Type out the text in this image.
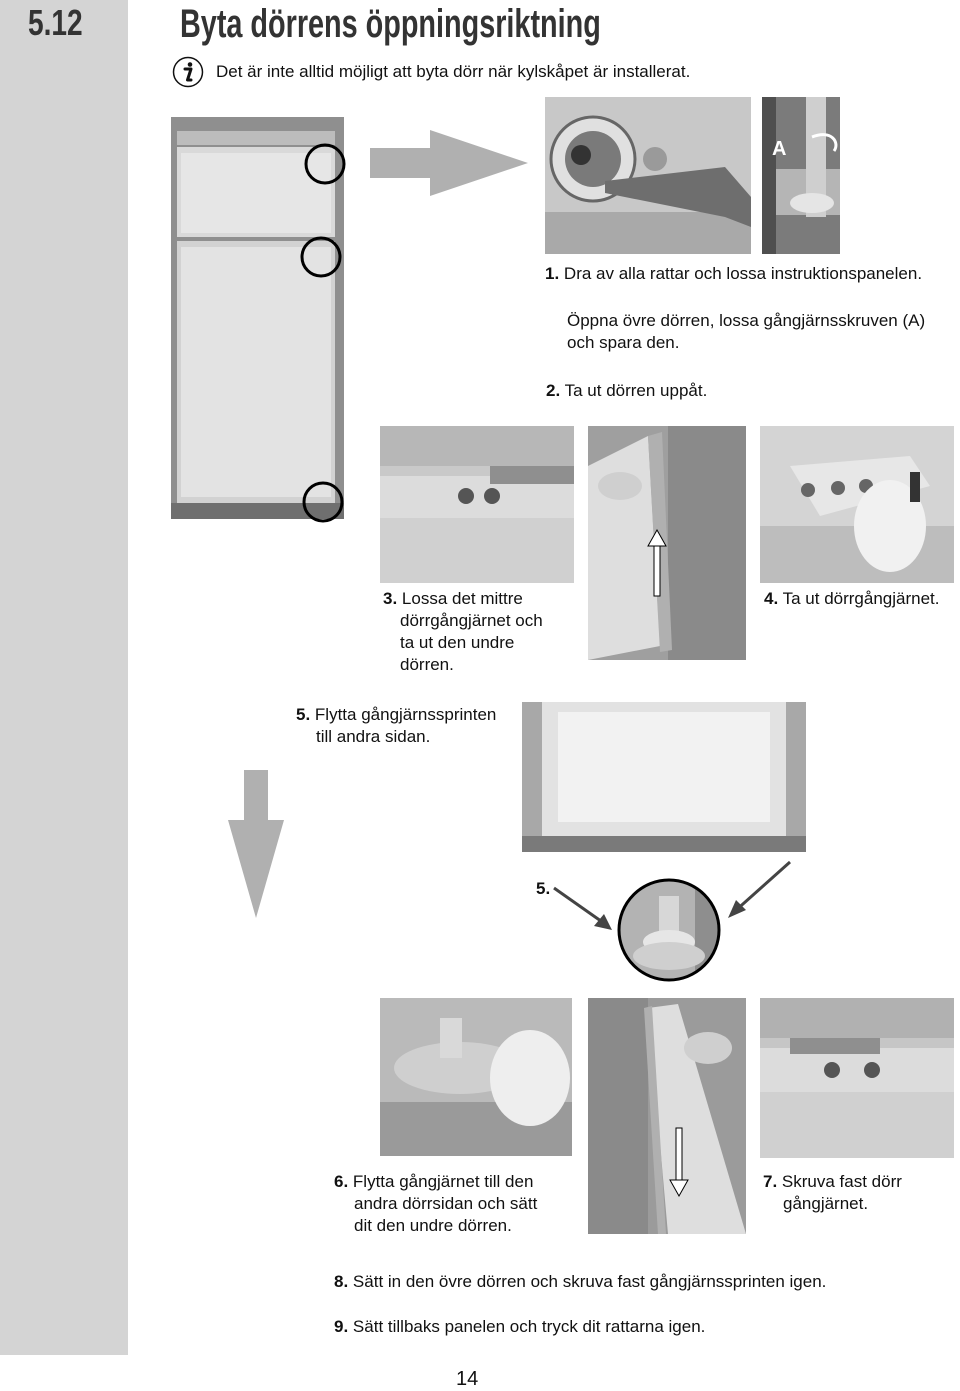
5.12 Byta dörrens öppningsriktning
Det är inte alltid möjligt att byta dörr när kylskåpet är installerat.
A
1. Dra av alla rattar och lossa instruktionspanelen.
Öppna övre dörren, lossa gångjärnsskruven (A)
och spara den.
2. Ta ut dörren uppåt.
3. Lossa det mittre
dörrgångjärnet och
ta ut den undre
dörren.
4. Ta ut dörrgångjärnet.
5. Flytta gångjärnssprinten
till andra sidan.
5.
6. Flytta gångjärnet till den
andra dörrsidan och sätt
dit den undre dörren.
7. Skruva fast dörr
gångjärnet.
8. Sätt in den övre dörren och skruva fast gångjärnssprinten igen.
9. Sätt tillbaks panelen och tryck dit rattarna igen.
14
